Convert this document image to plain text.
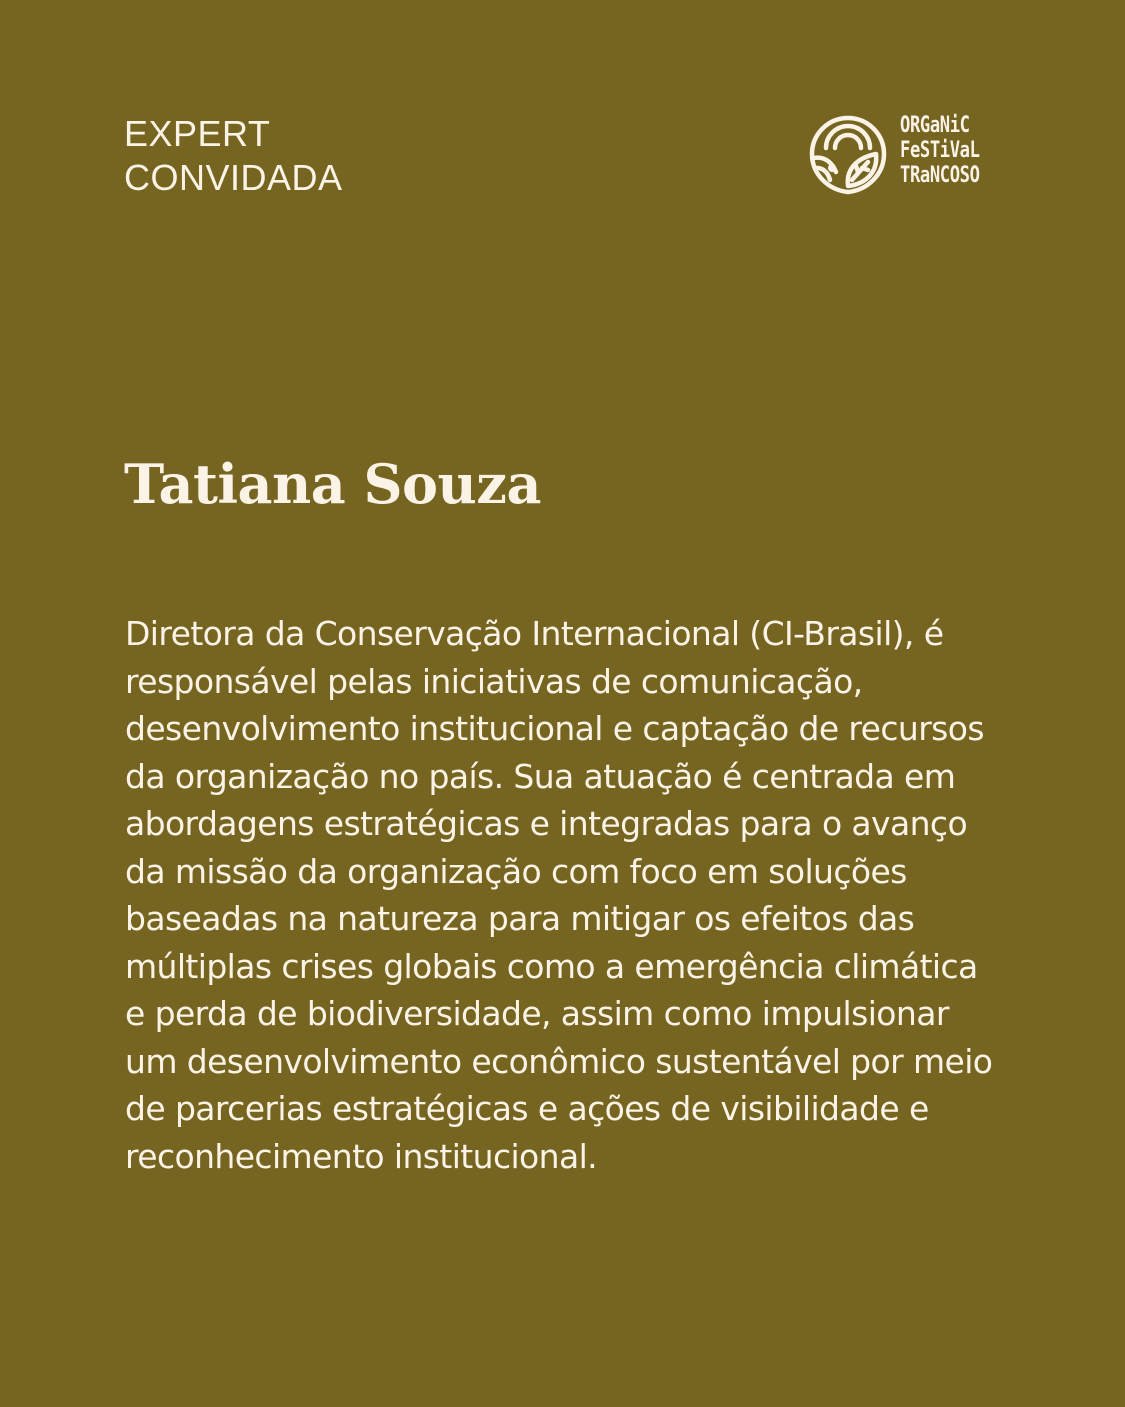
EXPERT
CONVIDADA
ORGaNiC
FeSTiVaL
TRaNCOSO
Tatiana Souza

Diretora da Conservação Internacional (CI-Brasil), é responsável pelas iniciativas de comunicação, desenvolvimento institucional e captação de recursos da organização no país. Sua atuação é centrada em abordagens estratégicas e integradas para o avanço da missão da organização com foco em soluções baseadas na natureza para mitigar os efeitos das múltiplas crises globais como a emergência climática e perda de biodiversidade, assim como impulsionar um desenvolvimento econômico sustentável por meio de parcerias estratégicas e ações de visibilidade e reconhecimento institucional.
